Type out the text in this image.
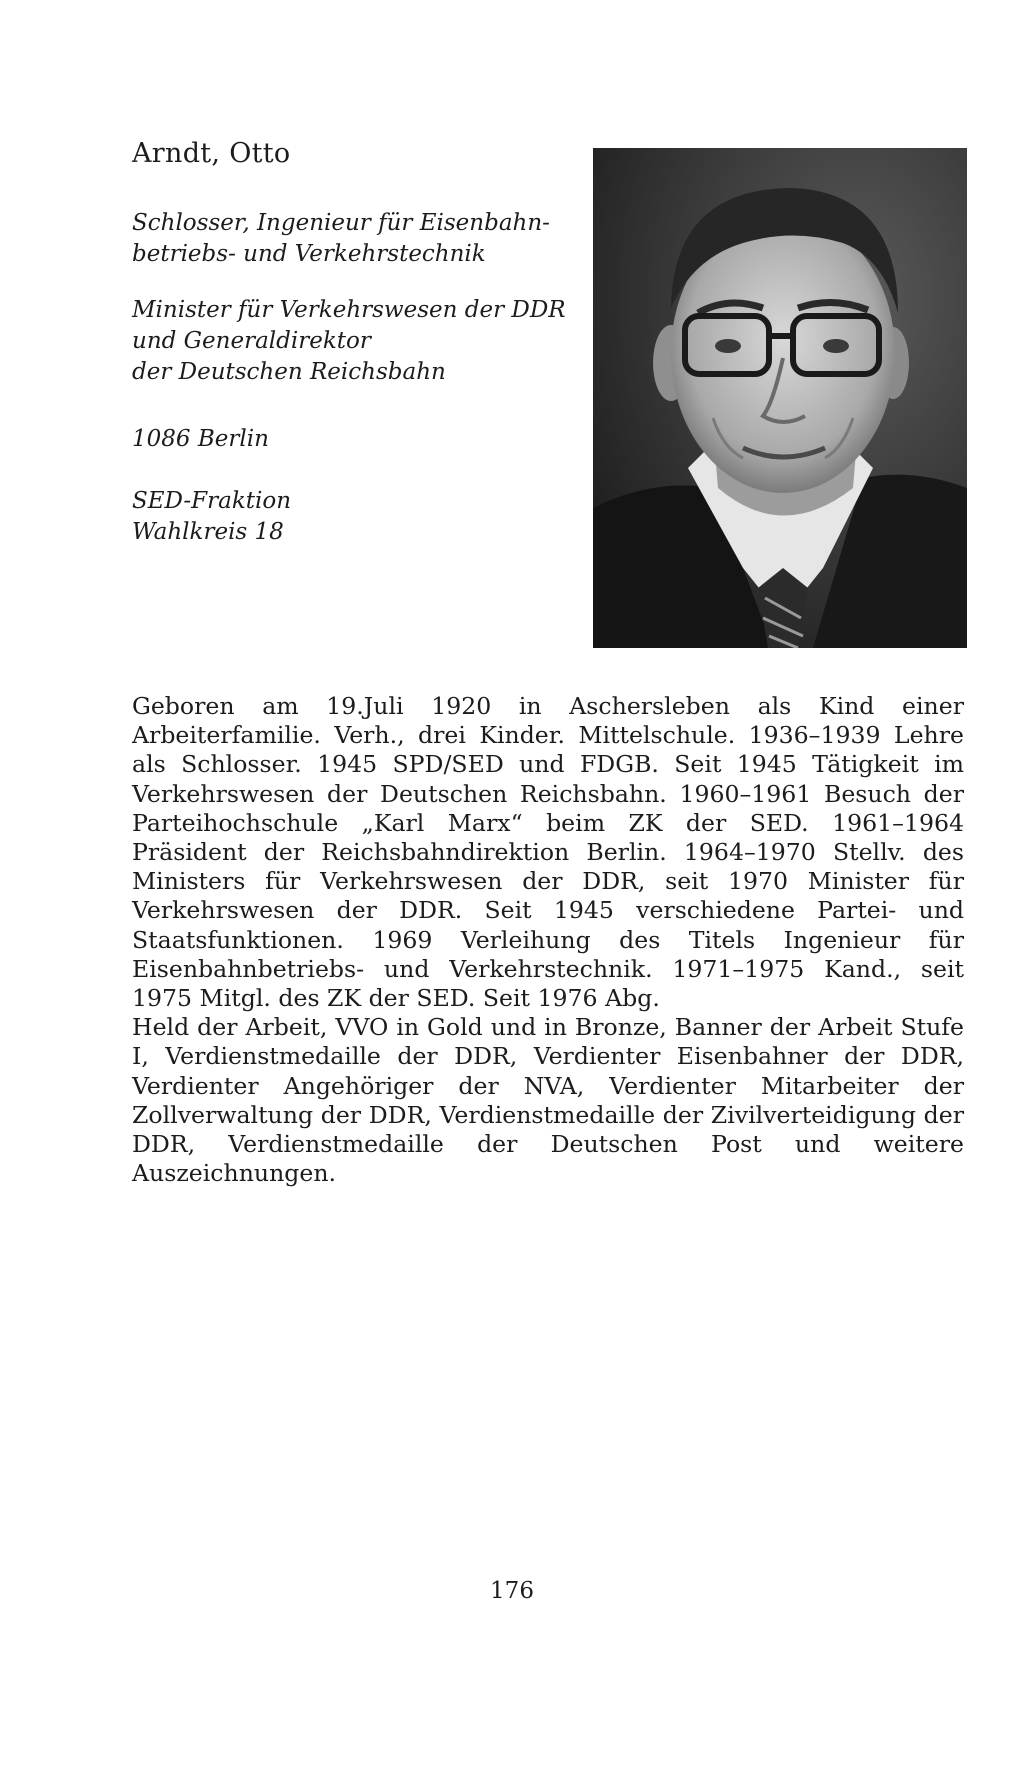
Arndt, Otto
Schlosser, Ingenieur für Eisenbahn-
betriebs- und Verkehrstechnik
Minister für Verkehrswesen der DDR
und Generaldirektor
der Deutschen Reichsbahn
1086 Berlin
SED-Fraktion
Wahlkreis 18

Geboren am 19.Juli 1920 in Aschersleben als Kind einer Arbeiterfamilie. Verh., drei Kinder. Mittelschule. 1936–1939 Lehre als Schlosser. 1945 SPD/SED und FDGB. Seit 1945 Tätigkeit im Verkehrswesen der Deutschen Reichsbahn. 1960–1961 Besuch der Parteihochschule „Karl Marx“ beim ZK der SED. 1961–1964 Präsident der Reichsbahndirektion Berlin. 1964–1970 Stellv. des Ministers für Verkehrswesen der DDR, seit 1970 Minister für Verkehrswesen der DDR. Seit 1945 verschiedene Partei- und Staatsfunktionen. 1969 Verleihung des Titels Ingenieur für Eisenbahnbetriebs- und Verkehrstechnik. 1971–1975 Kand., seit 1975 Mitgl. des ZK der SED. Seit 1976 Abg.

Held der Arbeit, VVO in Gold und in Bronze, Banner der Arbeit Stufe I, Verdienstmedaille der DDR, Verdienter Eisenbahner der DDR, Verdienter Angehöriger der NVA, Verdienter Mitarbeiter der Zollverwaltung der DDR, Verdienstmedaille der Zivilverteidigung der DDR, Verdienstmedaille der Deutschen Post und weitere Auszeichnungen.

176
